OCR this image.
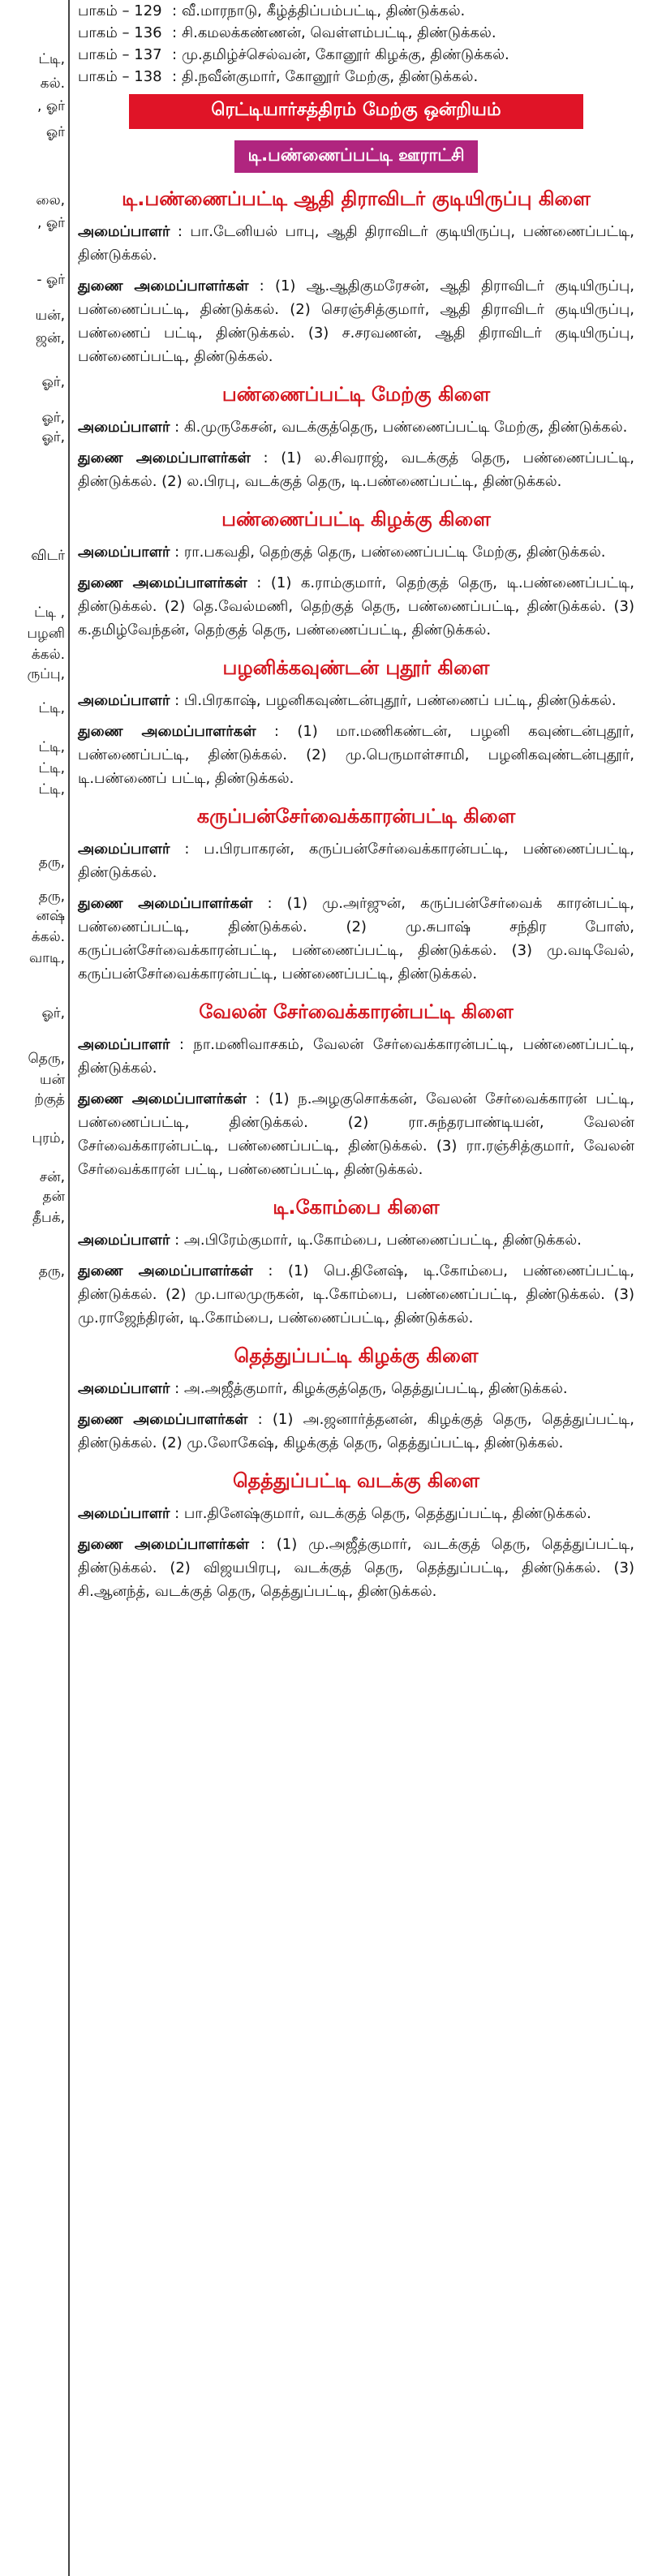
ட்டி,
கல்.
, ஓர்
ஓர்
லை,
, ஓர்
- ஓர்
யன்,
ஜன்,
ஓர்,
ஓர்,
ஓர்,
விடர்
ட்டி ,
பழனி
க்கல்.
ருப்பு,
ட்டி,
ட்டி,
ட்டி,
ட்டி,
தரு,
தரு,
னஷ்
க்கல்.
வாடி,
ஓர்,
தெரு,
யன்
ற்குத்
புரம்,
சன்,
தன்
தீபக்,
தரு,
பாகம் – 129 : வீ.மாரநாடு, கீழ்த்திப்பம்பட்டி, திண்டுக்கல்.
பாகம் – 136 : சி.கமலக்கண்ணன், வெள்ளம்பட்டி, திண்டுக்கல்.
பாகம் – 137 : மு.தமிழ்ச்செல்வன், கோனூர் கிழக்கு, திண்டுக்கல்.
பாகம் – 138 : தி.நவீன்குமார், கோனூர் மேற்கு, திண்டுக்கல்.
ரெட்டியார்சத்திரம் மேற்கு ஒன்றியம்
டி.பண்ணைப்பட்டி ஊராட்சி
டி.பண்ணைப்பட்டி ஆதி திராவிடர் குடியிருப்பு கிளை
அமைப்பாளர் : பா.டேனியல் பாபு, ஆதி திராவிடர் குடியிருப்பு, பண்ணைப்பட்டி, திண்டுக்கல்.
துணை அமைப்பாளர்கள் : (1) ஆ.ஆதிகுமரேசன், ஆதி திராவிடர் குடியிருப்பு, பண்ணைப்பட்டி, திண்டுக்கல். (2) செரஞ்சித்குமார், ஆதி திராவிடர் குடியிருப்பு, பண்ணைப் பட்டி, திண்டுக்கல். (3) ச.சரவணன், ஆதி திராவிடர் குடியிருப்பு, பண்ணைப்பட்டி, திண்டுக்கல்.
பண்ணைப்பட்டி மேற்கு கிளை
அமைப்பாளர் : கி.முருகேசன், வடக்குத்தெரு, பண்ணைப்பட்டி மேற்கு, திண்டுக்கல்.
துணை அமைப்பாளர்கள் : (1) ல.சிவராஜ், வடக்குத் தெரு, பண்ணைப்பட்டி, திண்டுக்கல். (2) ல.பிரபு, வடக்குத் தெரு, டி.பண்ணைப்பட்டி, திண்டுக்கல்.
பண்ணைப்பட்டி கிழக்கு கிளை
அமைப்பாளர் : ரா.பகவதி, தெற்குத் தெரு, பண்ணைப்பட்டி மேற்கு, திண்டுக்கல்.
துணை அமைப்பாளர்கள் : (1) க.ராம்குமார், தெற்குத் தெரு, டி.பண்ணைப்பட்டி, திண்டுக்கல். (2) தெ.வேல்மணி, தெற்குத் தெரு, பண்ணைப்பட்டி, திண்டுக்கல். (3) க.தமிழ்வேந்தன், தெற்குத் தெரு, பண்ணைப்பட்டி, திண்டுக்கல்.
பழனிக்கவுண்டன் புதூர் கிளை
அமைப்பாளர் : பி.பிரகாஷ், பழனிகவுண்டன்புதூர், பண்ணைப் பட்டி, திண்டுக்கல்.
துணை அமைப்பாளர்கள் : (1) மா.மணிகண்டன், பழனி கவுண்டன்புதூர், பண்ணைப்பட்டி, திண்டுக்கல். (2) மு.பெருமாள்சாமி, பழனிகவுண்டன்புதூர், டி.பண்ணைப் பட்டி, திண்டுக்கல்.
கருப்பன்சேர்வைக்காரன்பட்டி கிளை
அமைப்பாளர் : ப.பிரபாகரன், கருப்பன்சேர்வைக்காரன்பட்டி, பண்ணைப்பட்டி, திண்டுக்கல்.
துணை அமைப்பாளர்கள் : (1) மு.அர்ஜுன், கருப்பன்சேர்வைக் காரன்பட்டி, பண்ணைப்பட்டி, திண்டுக்கல். (2) மு.சுபாஷ் சந்திர போஸ், கருப்பன்சேர்வைக்காரன்பட்டி, பண்ணைப்பட்டி, திண்டுக்கல். (3) மு.வடிவேல், கருப்பன்சேர்வைக்காரன்பட்டி, பண்ணைப்பட்டி, திண்டுக்கல்.
வேலன் சேர்வைக்காரன்பட்டி கிளை
அமைப்பாளர் : நா.மணிவாசகம், வேலன் சேர்வைக்காரன்பட்டி, பண்ணைப்பட்டி, திண்டுக்கல்.
துணை அமைப்பாளர்கள் : (1) ந.அழகுசொக்கன், வேலன் சேர்வைக்காரன் பட்டி, பண்ணைப்பட்டி, திண்டுக்கல். (2) ரா.சுந்தரபாண்டியன், வேலன் சேர்வைக்காரன்பட்டி, பண்ணைப்பட்டி, திண்டுக்கல். (3) ரா.ரஞ்சித்குமார், வேலன் சேர்வைக்காரன் பட்டி, பண்ணைப்பட்டி, திண்டுக்கல்.
டி.கோம்பை கிளை
அமைப்பாளர் : அ.பிரேம்குமார், டி.கோம்பை, பண்ணைப்பட்டி, திண்டுக்கல்.
துணை அமைப்பாளர்கள் : (1) பெ.தினேஷ், டி.கோம்பை, பண்ணைப்பட்டி, திண்டுக்கல். (2) மு.பாலமுருகன், டி.கோம்பை, பண்ணைப்பட்டி, திண்டுக்கல். (3) மு.ராஜேந்திரன், டி.கோம்பை, பண்ணைப்பட்டி, திண்டுக்கல்.
தெத்துப்பட்டி கிழக்கு கிளை
அமைப்பாளர் : அ.அஜீத்குமார், கிழக்குத்தெரு, தெத்துப்பட்டி, திண்டுக்கல்.
துணை அமைப்பாளர்கள் : (1) அ.ஜனார்த்தனன், கிழக்குத் தெரு, தெத்துப்பட்டி, திண்டுக்கல். (2) மு.லோகேஷ், கிழக்குத் தெரு, தெத்துப்பட்டி, திண்டுக்கல்.
தெத்துப்பட்டி வடக்கு கிளை
அமைப்பாளர் : பா.தினேஷ்குமார், வடக்குத் தெரு, தெத்துப்பட்டி, திண்டுக்கல்.
துணை அமைப்பாளர்கள் : (1) மு.அஜீத்குமார், வடக்குத் தெரு, தெத்துப்பட்டி, திண்டுக்கல். (2) விஜயபிரபு, வடக்குத் தெரு, தெத்துப்பட்டி, திண்டுக்கல். (3) சி.ஆனந்த், வடக்குத் தெரு, தெத்துப்பட்டி, திண்டுக்கல்.
